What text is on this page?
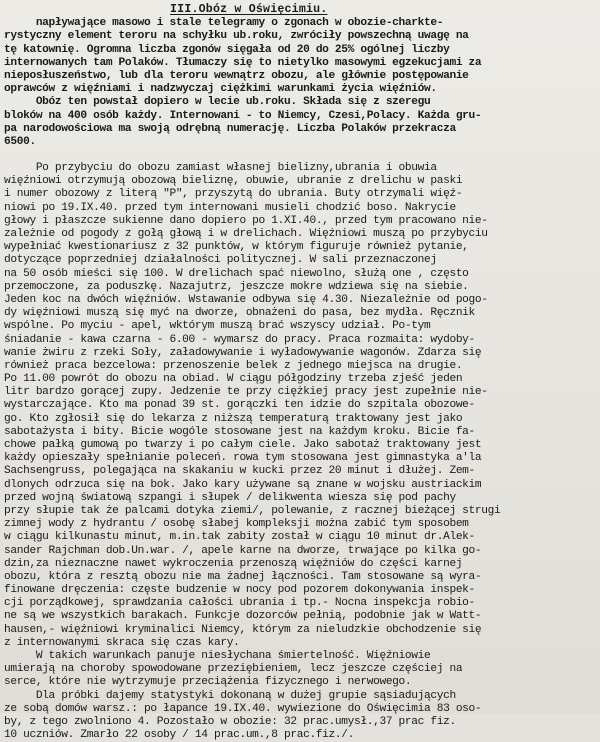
III.Obóz w Oświęcimiu.
napływające masowo i stale telegramy o zgonach w obozie-charkte-
rystyczny element teroru na schyłku ub.roku, zwróciły powszechną uwagę na
tę katownię. Ogromna liczba zgonów sięgała od 20 do 25% ogólnej liczby
internowanych tam Polaków. Tłumaczy się to nietylko masowymi egzekucjami za
nieposłuszeństwo, lub dla teroru wewnątrz obozu, ale głównie postępowanie
oprawców z więźniami i nadzwyczaj ciężkimi warunkami życia więźniów.
Obóz ten powstał dopiero w lecie ub.roku. Składa się z szeregu
bloków na 400 osób każdy. Internowani - to Niemcy, Czesi,Polacy. Każda gru-
pa narodowościowa ma swoją odrębną numerację. Liczba Polaków przekracza
6500.
Po przybyciu do obozu zamiast własnej bielizny,ubrania i obuwia
więźniowi otrzymują obozową bieliznę, obuwie, ubranie z drelichu w paski
i numer obozowy z literą "P", przyszytą do ubrania. Buty otrzymali więź-
niowi po 19.IX.40. przed tym internowani musieli chodzić boso. Nakrycie
głowy i płaszcze sukienne dano dopiero po 1.XI.40., przed tym pracowano nie-
zależnie od pogody z gołą głową i w drelichach. Więźniowi muszą po przybyciu
wypełniać kwestionariusz z 32 punktów, w którym figuruje również pytanie,
dotyczące poprzedniej działalności politycznej. W sali przeznaczonej
na 50 osób mieści się 100. W drelichach spać niewolno, służą one , często
przemoczone, za poduszkę. Nazajutrz, jeszcze mokre wdziewa się na siebie.
Jeden koc na dwóch więźniów. Wstawanie odbywa się 4.30. Niezależnie od pogo-
dy więźniowi muszą się myć na dworze, obnażeni do pasa, bez mydła. Ręcznik
wspólne. Po myciu - apel, wktórym muszą brać wszyscy udział. Po-tym
śniadanie - kawa czarna - 6.00 - wymarsz do pracy. Praca rozmaita: wydoby-
wanie żwiru z rzeki Soły, załadowywanie i wyładowywanie wagonów. Zdarza się
również praca bezcelowa: przenoszenie belek z jednego miejsca na drugie.
Po 11.00 powrót do obozu na obiad. W ciągu półgodziny trzeba zjeść jeden
litr bardzo gorącej zupy. Jedzenie te przy ciężkiej pracy jest zupełnie nie-
wystarczające. Kto ma ponad 39 st. gorączki ten idzie do szpitala obozowe-
go. Kto zgłosił się do lekarza z niższą temperaturą traktowany jest jako
sabotażysta i bity. Bicie wogóle stosowane jest na każdym kroku. Bicie fa-
chowe pałką gumową po twarzy i po całym ciele. Jako sabotaż traktowany jest
każdy opieszały spełnianie poleceń. rowa tym stosowana jest gimnastyka a'la
Sachsengruss, polegająca na skakaniu w kucki przez 20 minut i dłużej. Zem-
dlonych odrzuca się na bok. Jako kary używane są znane w wojsku austriackim
przed wojną światową szpangi i słupek / delikwenta wiesza się pod pachy
przy słupie tak że palcami dotyka ziemi/, polewanie, z racznej bieżącej strugi
zimnej wody z hydrantu / osobę słabej kompleksji można zabić tym sposobem
w ciągu kilkunastu minut, m.in.tak zabity został w ciągu 10 minut dr.Alek-
sander Rajchman dob.Un.war. /, apele karne na dworze, trwające po kilka go-
dzin,za nieznaczne nawet wykroczenia przenoszą więźniów do części karnej
obozu, która z resztą obozu nie ma żadnej łączności. Tam stosowane są wyra-
finowane dręczenia: częste budzenie w nocy pod pozorem dokonywania inspek-
cji porządkowej, sprawdzania całości ubrania i tp.- Nocna inspekcja robio-
ne są we wszystkich barakach. Funkcje dozorców pełnią, podobnie jak w Watt-
hausen,- więźniowi kryminalici Niemcy, którym za nieludzkie obchodzenie się
z internowanymi skraca się czas kary.
W takich warunkach panuje niesłychana śmiertelność. Więźniowie
umierają na choroby spowodowane przeziębieniem, lecz jeszcze częściej na
serce, które nie wytrzymuje przeciążenia fizycznego i nerwowego.
Dla próbki dajemy statystyki dokonaną w dużej grupie sąsiadujących
ze sobą domów warsz.: po łapance 19.IX.40. wywiezione do Oświęcimia 83 oso-
by, z tego zwolniono 4. Pozostało w obozie: 32 prac.umysł.,37 prac fiz.
10 uczniów. Zmarło 22 osoby / 14 prac.um.,8 prac.fiz./.
